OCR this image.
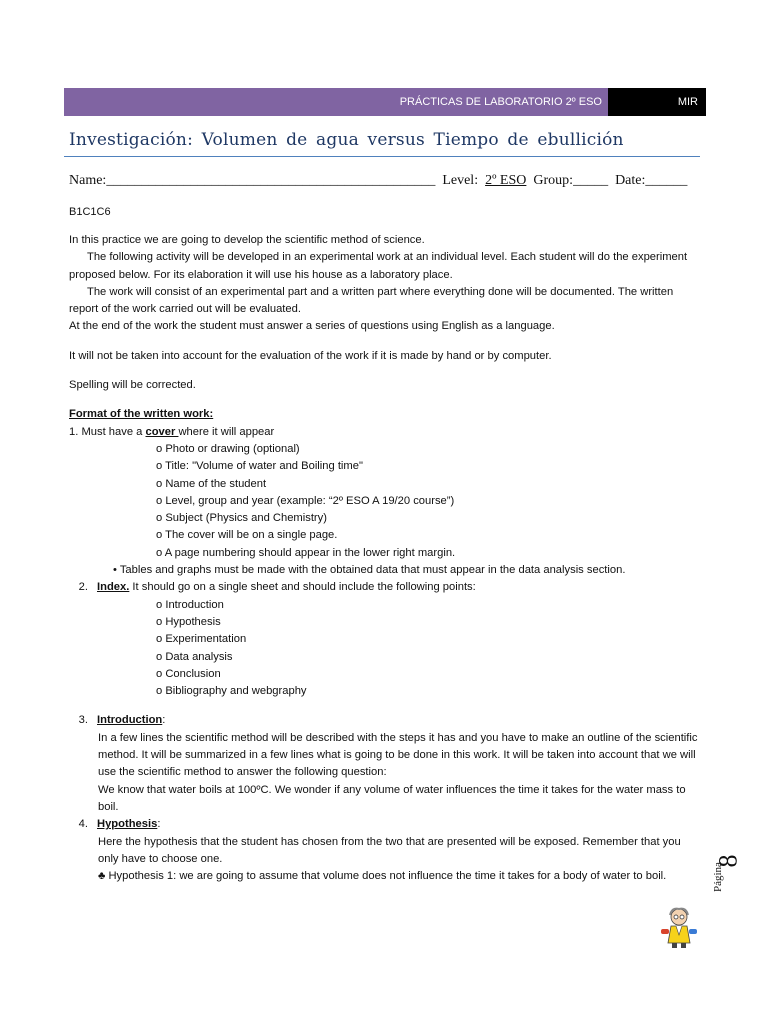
PRÁCTICAS DE LABORATORIO 2º ESO	MIR
Investigación: Volumen de agua versus Tiempo de ebullición
Name:_______________________________________________ Level: 2º ESO Group:_____ Date:______
B1C1C6

In this practice we are going to develop the scientific method of science.

The following activity will be developed in an experimental work at an individual level. Each student will do the experiment proposed below. For its elaboration it will use his house as a laboratory place.

The work will consist of an experimental part and a written part where everything done will be documented. The written report of the work carried out will be evaluated.

At the end of the work the student must answer a series of questions using English as a language.

It will not be taken into account for the evaluation of the work if it is made by hand or by computer.

Spelling will be corrected.

Format of the written work:

1. Must have a cover where it will appear

o Photo or drawing (optional)

o Title: "Volume of water and Boiling time"

o Name of the student

o Level, group and year (example: “2º ESO A 19/20 course”)

o Subject (Physics and Chemistry)

o The cover will be on a single page.

o A page numbering should appear in the lower right margin.

• Tables and graphs must be made with the obtained data that must appear in the data analysis section.

2. Index. It should go on a single sheet and should include the following points:

o Introduction

o Hypothesis

o Experimentation

o Data analysis

o Conclusion

o Bibliography and webgraphy

3. Introduction:

In a few lines the scientific method will be described with the steps it has and you have to make an outline of the scientific method. It will be summarized in a few lines what is going to be done in this work. It will be taken into account that we will use the scientific method to answer the following question:

We know that water boils at 100ºC. We wonder if any volume of water influences the time it takes for the water mass to boil.

4. Hypothesis:

Here the hypothesis that the student has chosen from the two that are presented will be exposed. Remember that you only have to choose one.

♣ Hypothesis 1: we are going to assume that volume does not influence the time it takes for a body of water to boil.	Página
8
